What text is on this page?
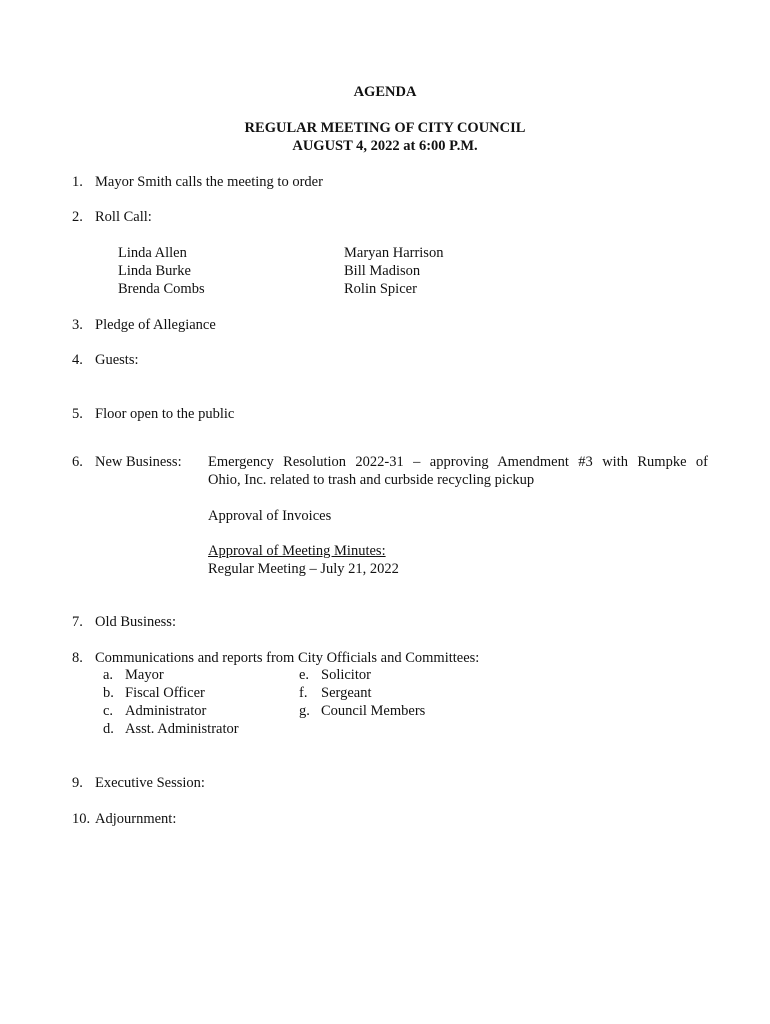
AGENDA
REGULAR MEETING OF CITY COUNCIL
AUGUST 4, 2022 at 6:00 P.M.
1. Mayor Smith calls the meeting to order
2. Roll Call:
Linda Allen
Linda Burke
Brenda Combs
Maryan Harrison
Bill Madison
Rolin Spicer
3. Pledge of Allegiance
4. Guests:
5. Floor open to the public
6. New Business: Emergency Resolution 2022-31 – approving Amendment #3 with Rumpke of
Ohio, Inc. related to trash and curbside recycling pickup
Approval of Invoices
Approval of Meeting Minutes:
Regular Meeting – July 21, 2022
7. Old Business:
8. Communications and reports from City Officials and Committees:
a. Mayor
b. Fiscal Officer
c. Administrator
d. Asst. Administrator
e. Solicitor
f. Sergeant
g. Council Members
9. Executive Session:
10. Adjournment:
